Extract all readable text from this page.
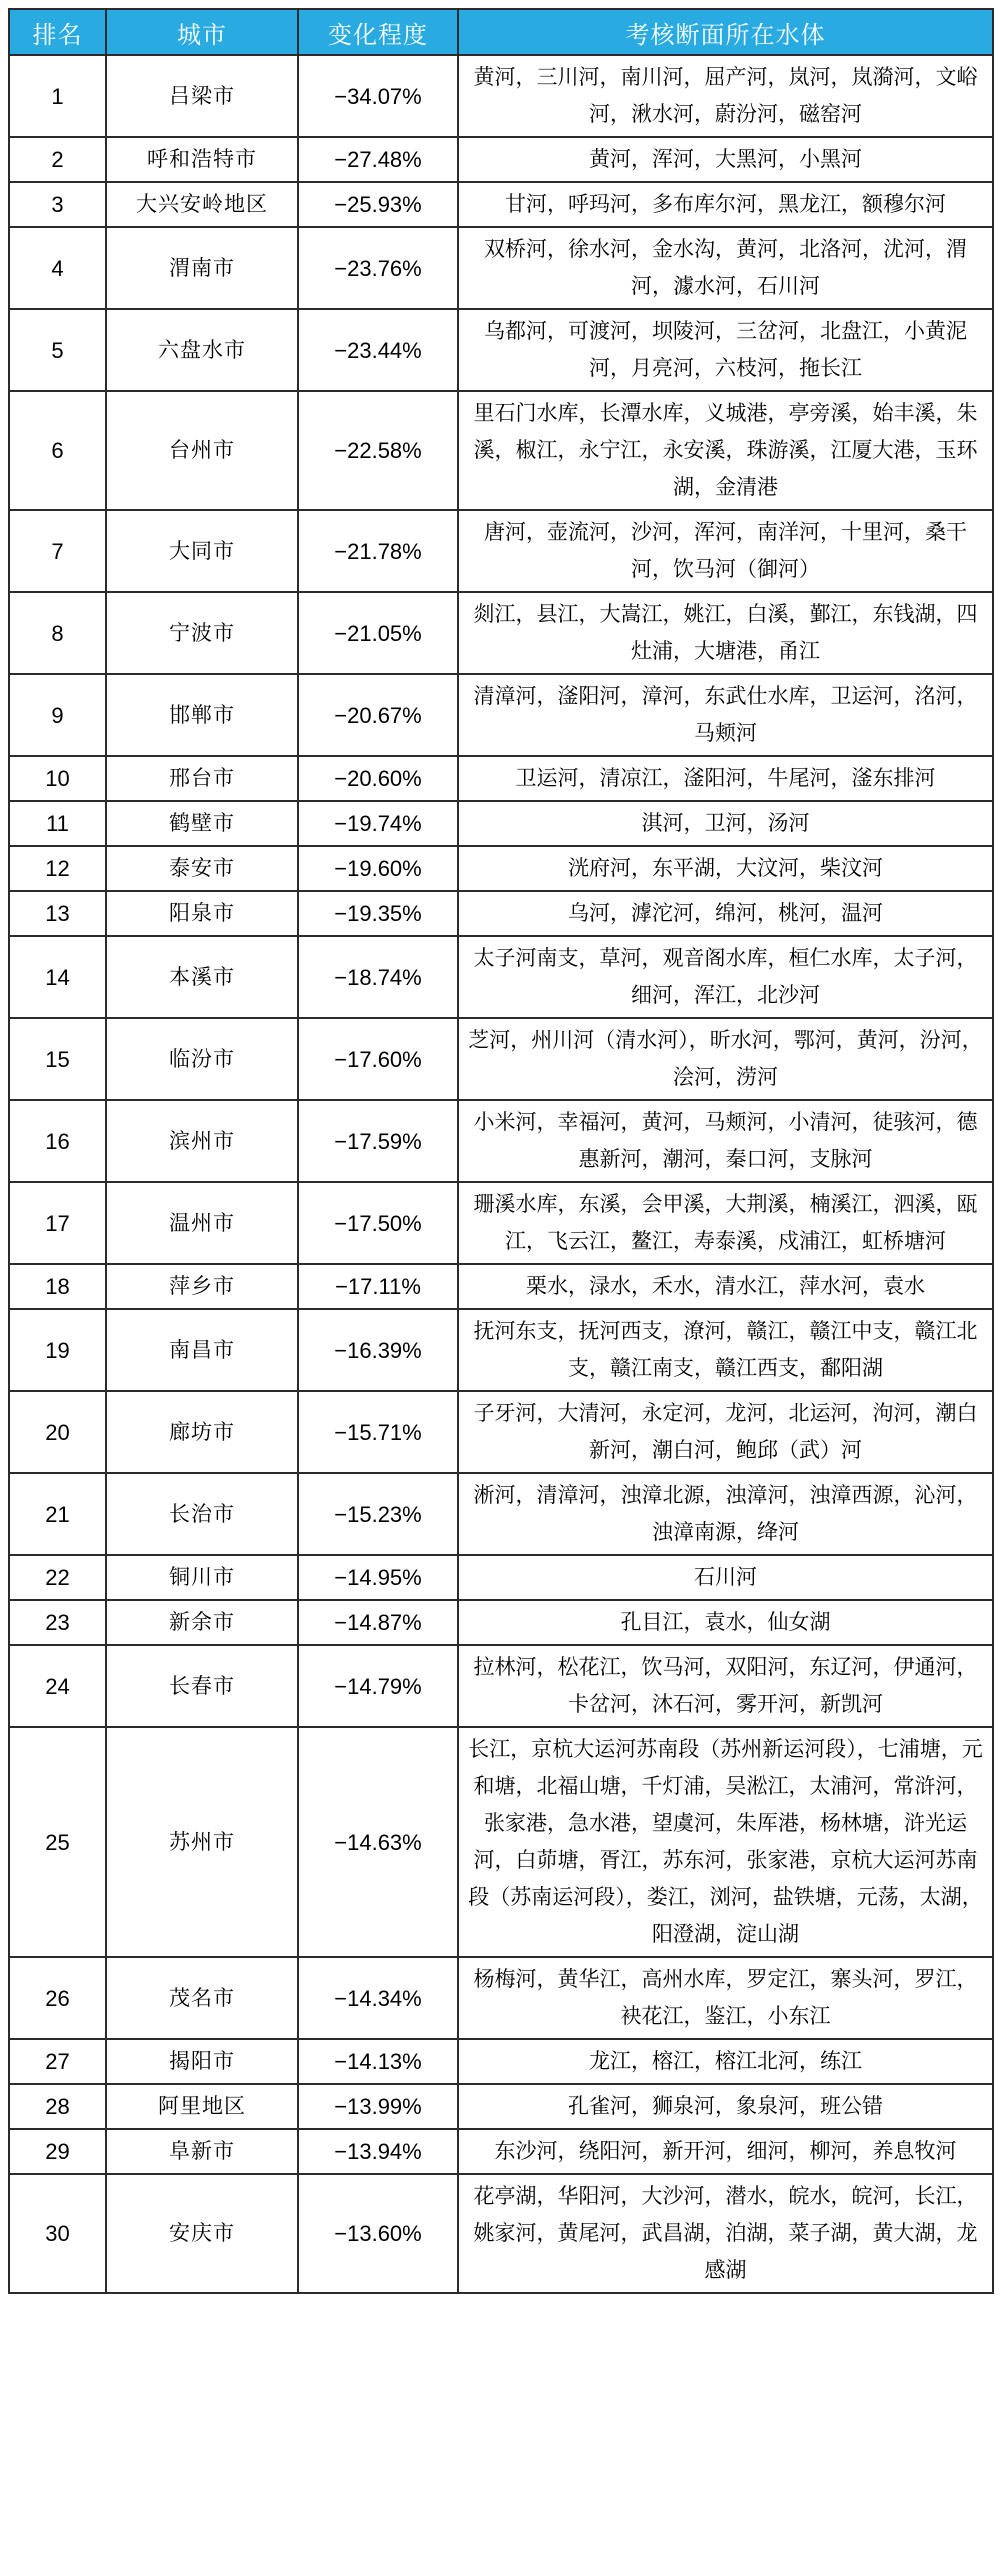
排名	城市	变化程度	考核断面所在水体
1	吕梁市	−34.07%	黄河，三川河，南川河，屈产河，岚河，岚漪河，文峪河，湫水河，蔚汾河，磁窑河
2	呼和浩特市	−27.48%	黄河，浑河，大黑河，小黑河
3	大兴安岭地区	−25.93%	甘河，呼玛河，多布库尔河，黑龙江，额穆尔河
4	渭南市	−23.76%	双桥河，徐水河，金水沟，黄河，北洛河，沋河，渭河，澽水河，石川河
5	六盘水市	−23.44%	乌都河，可渡河，坝陵河，三岔河，北盘江，小黄泥河，月亮河，六枝河，拖长江
6	台州市	−22.58%	里石门水库，长潭水库，义城港，亭旁溪，始丰溪，朱溪，椒江，永宁江，永安溪，珠游溪，江厦大港，玉环湖，金清港
7	大同市	−21.78%	唐河，壶流河，沙河，浑河，南洋河，十里河，桑干河，饮马河（御河）
8	宁波市	−21.05%	剡江，县江，大嵩江，姚江，白溪，鄞江，东钱湖，四灶浦，大塘港，甬江
9	邯郸市	−20.67%	清漳河，滏阳河，漳河，东武仕水库，卫运河，洺河，马颊河
10	邢台市	−20.60%	卫运河，清凉江，滏阳河，牛尾河，滏东排河
11	鹤壁市	−19.74%	淇河，卫河，汤河
12	泰安市	−19.60%	洸府河，东平湖，大汶河，柴汶河
13	阳泉市	−19.35%	乌河，滹沱河，绵河，桃河，温河
14	本溪市	−18.74%	太子河南支，草河，观音阁水库，桓仁水库，太子河，细河，浑江，北沙河
15	临汾市	−17.60%	芝河，州川河（清水河），昕水河，鄂河，黄河，汾河，浍河，涝河
16	滨州市	−17.59%	小米河，幸福河，黄河，马颊河，小清河，徒骇河，德惠新河，潮河，秦口河，支脉河
17	温州市	−17.50%	珊溪水库，东溪，会甲溪，大荆溪，楠溪江，泗溪，瓯江，飞云江，鳌江，寿泰溪，戍浦江，虹桥塘河
18	萍乡市	−17.11%	栗水，渌水，禾水，清水江，萍水河，袁水
19	南昌市	−16.39%	抚河东支，抚河西支，潦河，赣江，赣江中支，赣江北支，赣江南支，赣江西支，鄱阳湖
20	廊坊市	−15.71%	子牙河，大清河，永定河，龙河，北运河，泃河，潮白新河，潮白河，鲍邱（武）河
21	长治市	−15.23%	淅河，清漳河，浊漳北源，浊漳河，浊漳西源，沁河，浊漳南源，绛河
22	铜川市	−14.95%	石川河
23	新余市	−14.87%	孔目江，袁水，仙女湖
24	长春市	−14.79%	拉林河，松花江，饮马河，双阳河，东辽河，伊通河，卡岔河，沐石河，雾开河，新凯河
25	苏州市	−14.63%	长江，京杭大运河苏南段（苏州新运河段），七浦塘，元和塘，北福山塘，千灯浦，吴淞江，太浦河，常浒河，张家港，急水港，望虞河，朱厍港，杨林塘，浒光运河，白茆塘，胥江，苏东河，张家港，京杭大运河苏南段（苏南运河段），娄江，浏河，盐铁塘，元荡，太湖，阳澄湖，淀山湖
26	茂名市	−14.34%	杨梅河，黄华江，高州水库，罗定江，寨头河，罗江，袂花江，鉴江，小东江
27	揭阳市	−14.13%	龙江，榕江，榕江北河，练江
28	阿里地区	−13.99%	孔雀河，狮泉河，象泉河，班公错
29	阜新市	−13.94%	东沙河，绕阳河，新开河，细河，柳河，养息牧河
30	安庆市	−13.60%	花亭湖，华阳河，大沙河，潜水，皖水，皖河，长江，姚家河，黄尾河，武昌湖，泊湖，菜子湖，黄大湖，龙感湖
